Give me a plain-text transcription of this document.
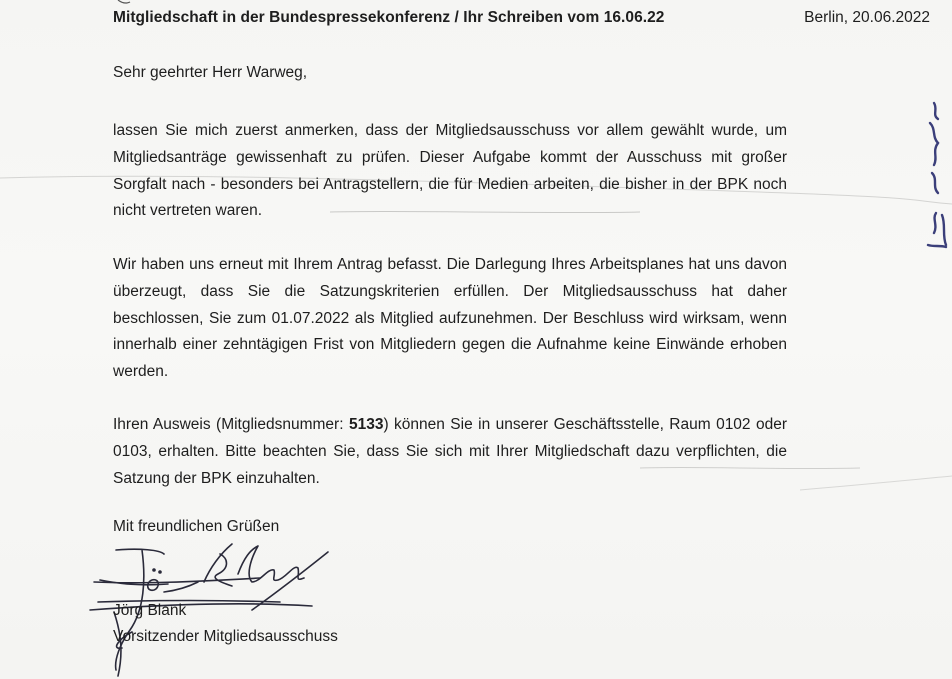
Mitgliedschaft in der Bundespressekonferenz / Ihr Schreiben vom 16.06.22	Berlin, 20.06.2022
Sehr geehrter Herr Warweg,
lassen Sie mich zuerst anmerken, dass der Mitgliedsausschuss vor allem gewählt wurde, um Mitgliedsanträge gewissenhaft zu prüfen. Dieser Aufgabe kommt der Ausschuss mit großer Sorgfalt nach - besonders bei Antragstellern, die für Medien arbeiten, die bisher in der BPK noch nicht vertreten waren.
Wir haben uns erneut mit Ihrem Antrag befasst. Die Darlegung Ihres Arbeitsplanes hat uns davon überzeugt, dass Sie die Satzungskriterien erfüllen. Der Mitgliedsausschuss hat daher beschlossen, Sie zum 01.07.2022 als Mitglied aufzunehmen. Der Beschluss wird wirksam, wenn innerhalb einer zehntägigen Frist von Mitgliedern gegen die Aufnahme keine Einwände erhoben werden.
Ihren Ausweis (Mitgliedsnummer: 5133) können Sie in unserer Geschäftsstelle, Raum 0102 oder 0103, erhalten. Bitte beachten Sie, dass Sie sich mit Ihrer Mitgliedschaft dazu verpflichten, die Satzung der BPK einzuhalten.
Mit freundlichen Grüßen
Jörg Blank
Vorsitzender Mitgliedsausschuss
